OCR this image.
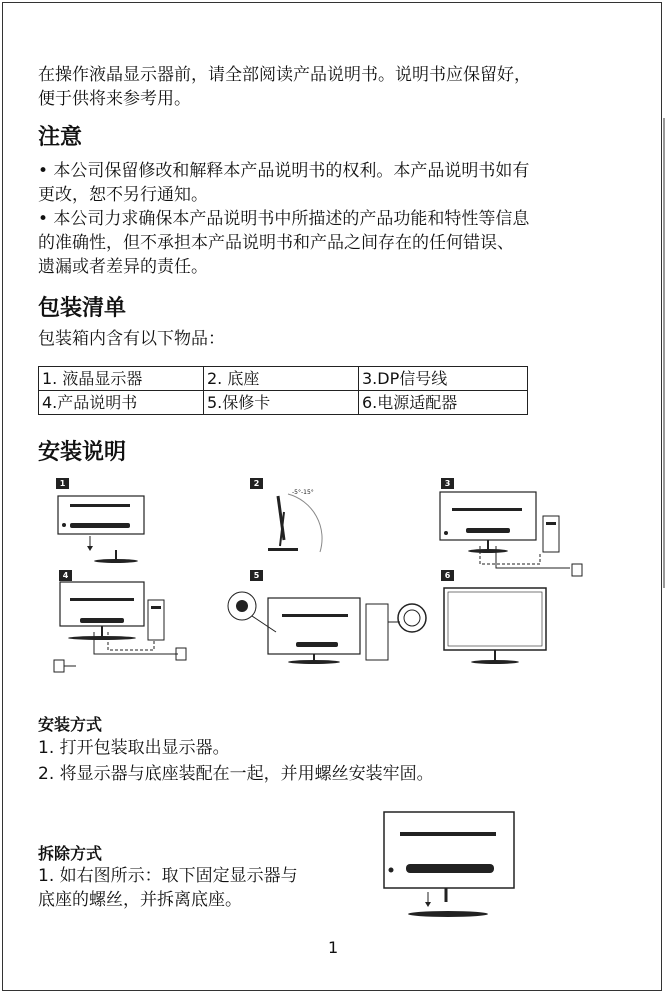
在操作液晶显示器前，请全部阅读产品说明书。说明书应保留好，
便于供将来参考用。
注意
• 本公司保留修改和解释本产品说明书的权利。本产品说明书如有
更改，恕不另行通知。
• 本公司力求确保本产品说明书中所描述的产品功能和特性等信息
的准确性，但不承担本产品说明书和产品之间存在的任何错误、
遗漏或者差异的责任。
包装清单
包装箱内含有以下物品：
1. 液晶显示器	2. 底座	3.DP信号线
4.产品说明书	5.保修卡	6.电源适配器
安装说明
1	2	3
4	5	6
-5°-15°
安装方式
1. 打开包装取出显示器。
2. 将显示器与底座装配在一起，并用螺丝安装牢固。
拆除方式
1. 如右图所示：取下固定显示器与
底座的螺丝，并拆离底座。
1
